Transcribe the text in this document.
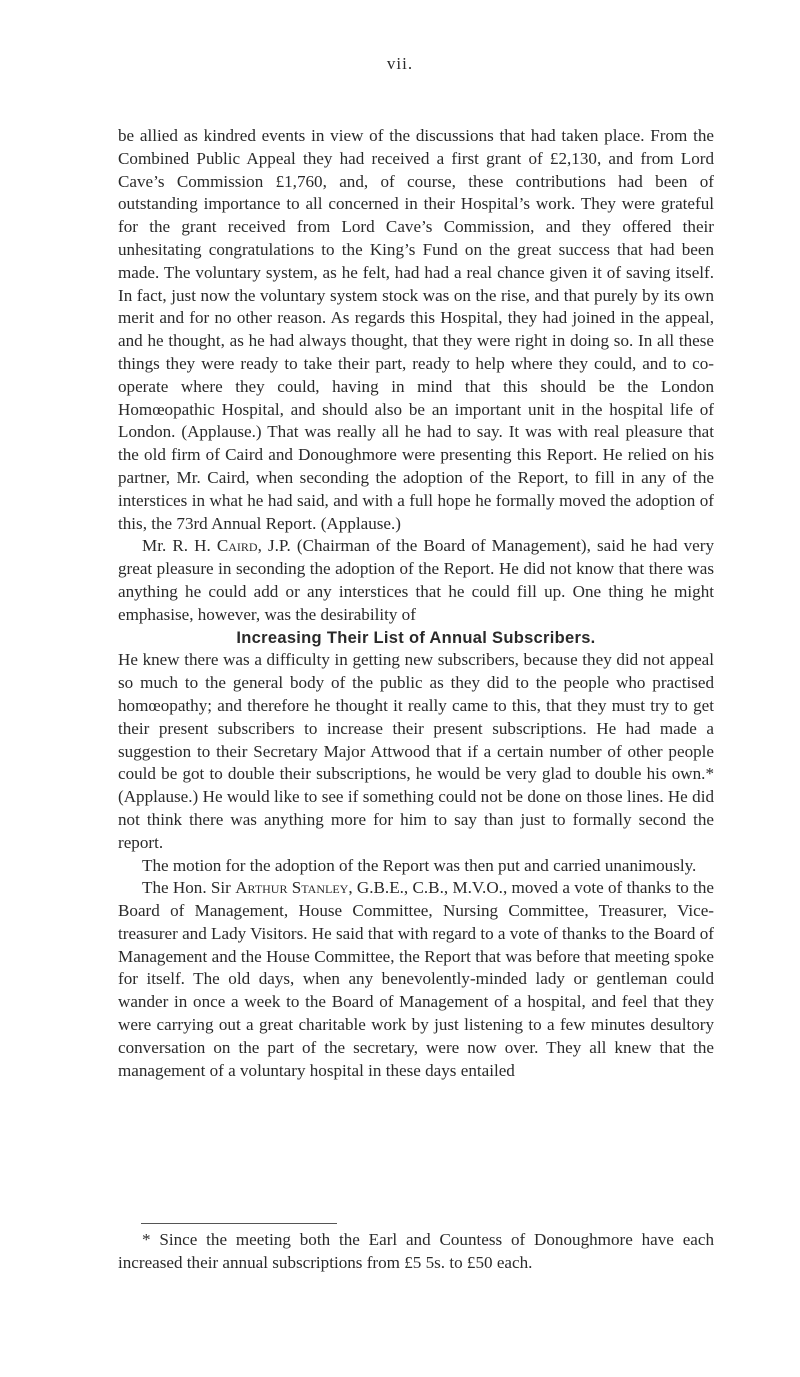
vii.

be allied as kindred events in view of the discussions that had taken place. From the Combined Public Appeal they had received a first grant of £2,130, and from Lord Cave’s Commission £1,760, and, of course, these contributions had been of outstanding importance to all concerned in their Hospital’s work. They were grateful for the grant received from Lord Cave’s Commission, and they offered their unhesitating congratulations to the King’s Fund on the great success that had been made. The voluntary system, as he felt, had had a real chance given it of saving itself. In fact, just now the voluntary system stock was on the rise, and that purely by its own merit and for no other reason. As regards this Hospital, they had joined in the appeal, and he thought, as he had always thought, that they were right in doing so. In all these things they were ready to take their part, ready to help where they could, and to co-operate where they could, having in mind that this should be the London Homœopathic Hospital, and should also be an important unit in the hospital life of London. (Applause.) That was really all he had to say. It was with real pleasure that the old firm of Caird and Donoughmore were presenting this Report. He relied on his partner, Mr. Caird, when seconding the adoption of the Report, to fill in any of the interstices in what he had said, and with a full hope he formally moved the adoption of this, the 73rd Annual Report. (Applause.)

Mr. R. H. Caird, J.P. (Chairman of the Board of Management), said he had very great pleasure in seconding the adoption of the Report. He did not know that there was anything he could add or any interstices that he could fill up. One thing he might emphasise, however, was the desirability of

Increasing Their List of Annual Subscribers.

He knew there was a difficulty in getting new subscribers, because they did not appeal so much to the general body of the public as they did to the people who practised homœopathy; and therefore he thought it really came to this, that they must try to get their present subscribers to increase their present subscriptions. He had made a suggestion to their Secretary Major Attwood that if a certain number of other people could be got to double their subscriptions, he would be very glad to double his own.* (Applause.) He would like to see if something could not be done on those lines. He did not think there was anything more for him to say than just to formally second the report.

The motion for the adoption of the Report was then put and carried unanimously.

The Hon. Sir Arthur Stanley, G.B.E., C.B., M.V.O., moved a vote of thanks to the Board of Management, House Committee, Nursing Committee, Treasurer, Vice-treasurer and Lady Visitors. He said that with regard to a vote of thanks to the Board of Management and the House Committee, the Report that was before that meeting spoke for itself. The old days, when any benevolently-minded lady or gentleman could wander in once a week to the Board of Management of a hospital, and feel that they were carrying out a great charitable work by just listening to a few minutes desultory conversation on the part of the secretary, were now over. They all knew that the management of a voluntary hospital in these days entailed

* Since the meeting both the Earl and Countess of Donoughmore have each increased their annual subscriptions from £5 5s. to £50 each.
